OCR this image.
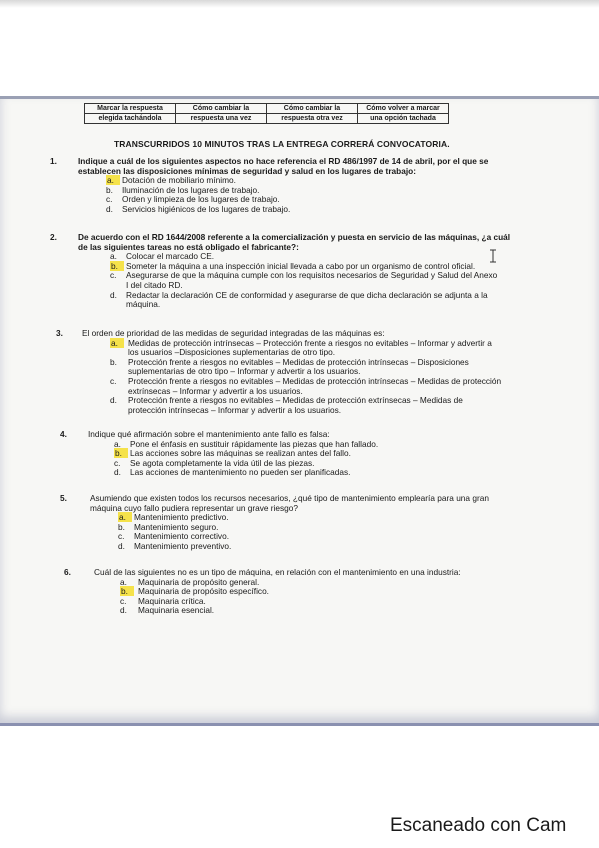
Marcar la respuesta	Cómo cambiar la	Cómo cambiar la	Cómo volver a marcar
elegida tachándola	respuesta una vez	respuesta otra vez	una opción tachada
TRANSCURRIDOS 10 MINUTOS TRAS LA ENTREGA CORRERÁ CONVOCATORIA.
1.	Indique a cuál de los siguientes aspectos no hace referencia el RD 486/1997 de 14 de abril, por el que se
establecen las disposiciones mínimas de seguridad y salud en los lugares de trabajo:
a. Dotación de mobiliario mínimo.
b.	Iluminación de los lugares de trabajo.
c.	Orden y limpieza de los lugares de trabajo.
d.	Servicios higiénicos de los lugares de trabajo.
2.	De acuerdo con el RD 1644/2008 referente a la comercialización y puesta en servicio de las máquinas, ¿a cuál
de las siguientes tareas no está obligado el fabricante?:
a.	Colocar el marcado CE.
b. Someter la máquina a una inspección inicial llevada a cabo por un organismo de control oficial.
c.	Asegurarse de que la máquina cumple con los requisitos necesarios de Seguridad y Salud del Anexo
I del citado RD.
d.	Redactar la declaración CE de conformidad y asegurarse de que dicha declaración se adjunta a la
máquina.
3. El orden de prioridad de las medidas de seguridad integradas de las máquinas es:
a.	Medidas de protección intrínsecas – Protección frente a riesgos no evitables – Informar y advertir a
los usuarios –Disposiciones suplementarias de otro tipo.
b.	Protección frente a riesgos no evitables – Medidas de protección intrínsecas – Disposiciones
suplementarias de otro tipo – Informar y advertir a los usuarios.
c.	Protección frente a riesgos no evitables – Medidas de protección intrínsecas – Medidas de protección
extrínsecas – Informar y advertir a los usuarios.
d.	Protección frente a riesgos no evitables – Medidas de protección extrínsecas – Medidas de
protección intrínsecas – Informar y advertir a los usuarios.
4.	Indique qué afirmación sobre el mantenimiento ante fallo es falsa:
a.	Pone el énfasis en sustituir rápidamente las piezas que han fallado.
b. Las acciones sobre las máquinas se realizan antes del fallo.
c.	Se agota completamente la vida útil de las piezas.
d.	Las acciones de mantenimiento no pueden ser planificadas.
5.	Asumiendo que existen todos los recursos necesarios, ¿qué tipo de mantenimiento emplearía para una gran
máquina cuyo fallo pudiera representar un grave riesgo?
a. Mantenimiento predictivo.
b.	Mantenimiento seguro.
c.	Mantenimiento correctivo.
d.	Mantenimiento preventivo.
6.	Cuál de las siguientes no es un tipo de máquina, en relación con el mantenimiento en una industria:
a.	Maquinaria de propósito general.
b.	Maquinaria de propósito específico.
c.	Maquinaria crítica.
d.	Maquinaria esencial.
Escaneado con Cam
